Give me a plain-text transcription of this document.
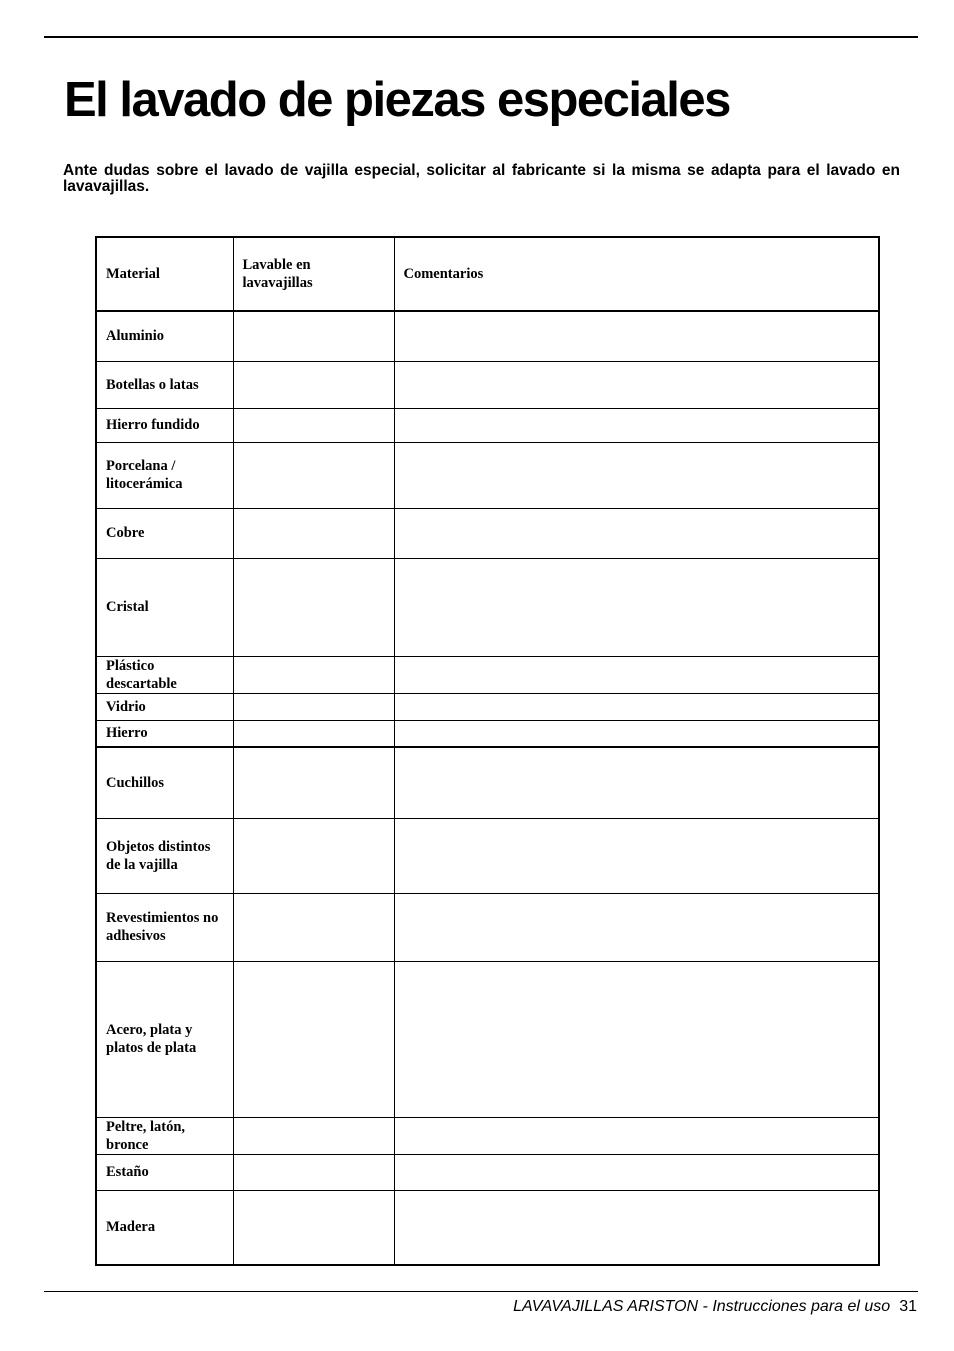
El lavado de piezas especiales

Ante dudas sobre el lavado de vajilla especial, solicitar al fabricante si la misma se adapta para el lavado en lavavajillas.

Material	Lavable en lavavajillas	Comentarios
Aluminio		
Botellas o latas		
Hierro fundido		
Porcelana / litocerámica		
Cobre		
Cristal		
Plástico descartable		
Vidrio		
Hierro		
Cuchillos		
Objetos distintos de la vajilla		
Revestimientos no adhesivos		
Acero, plata y platos de plata		
Peltre, latón, bronce		
Estaño		
Madera		

LAVAVAJILLAS ARISTON - Instrucciones para el uso 31
